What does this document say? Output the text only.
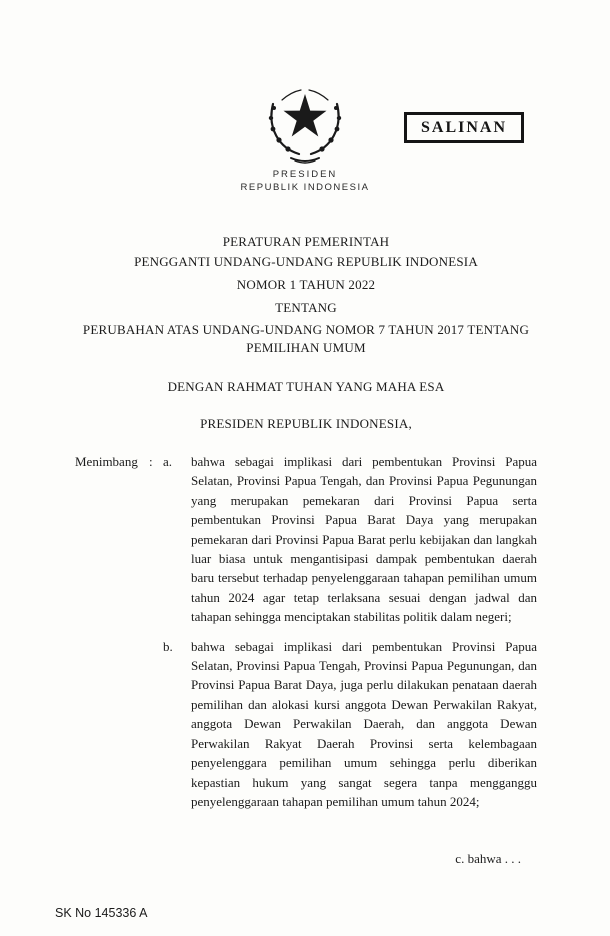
SALINAN
PRESIDEN
REPUBLIK INDONESIA
PERATURAN PEMERINTAH
PENGGANTI UNDANG-UNDANG REPUBLIK INDONESIA
NOMOR 1 TAHUN 2022
TENTANG
PERUBAHAN ATAS UNDANG-UNDANG NOMOR 7 TAHUN 2017 TENTANG
PEMILIHAN UMUM
DENGAN RAHMAT TUHAN YANG MAHA ESA
PRESIDEN REPUBLIK INDONESIA,
Menimbang : a.	bahwa sebagai implikasi dari pembentukan Provinsi Papua Selatan, Provinsi Papua Tengah, dan Provinsi Papua Pegunungan yang merupakan pemekaran dari Provinsi Papua serta pembentukan Provinsi Papua Barat Daya yang merupakan pemekaran dari Provinsi Papua Barat perlu kebijakan dan langkah luar biasa untuk mengantisipasi dampak pembentukan daerah baru tersebut terhadap penyelenggaraan tahapan pemilihan umum tahun 2024 agar tetap terlaksana sesuai dengan jadwal dan tahapan sehingga menciptakan stabilitas politik dalam negeri;
b.	bahwa sebagai implikasi dari pembentukan Provinsi Papua Selatan, Provinsi Papua Tengah, Provinsi Papua Pegunungan, dan Provinsi Papua Barat Daya, juga perlu dilakukan penataan daerah pemilihan dan alokasi kursi anggota Dewan Perwakilan Rakyat, anggota Dewan Perwakilan Daerah, dan anggota Dewan Perwakilan Rakyat Daerah Provinsi serta kelembagaan penyelenggara pemilihan umum sehingga perlu diberikan kepastian hukum yang sangat segera tanpa mengganggu penyelenggaraan tahapan pemilihan umum tahun 2024;
c. bahwa . . .
SK No 145336 A
